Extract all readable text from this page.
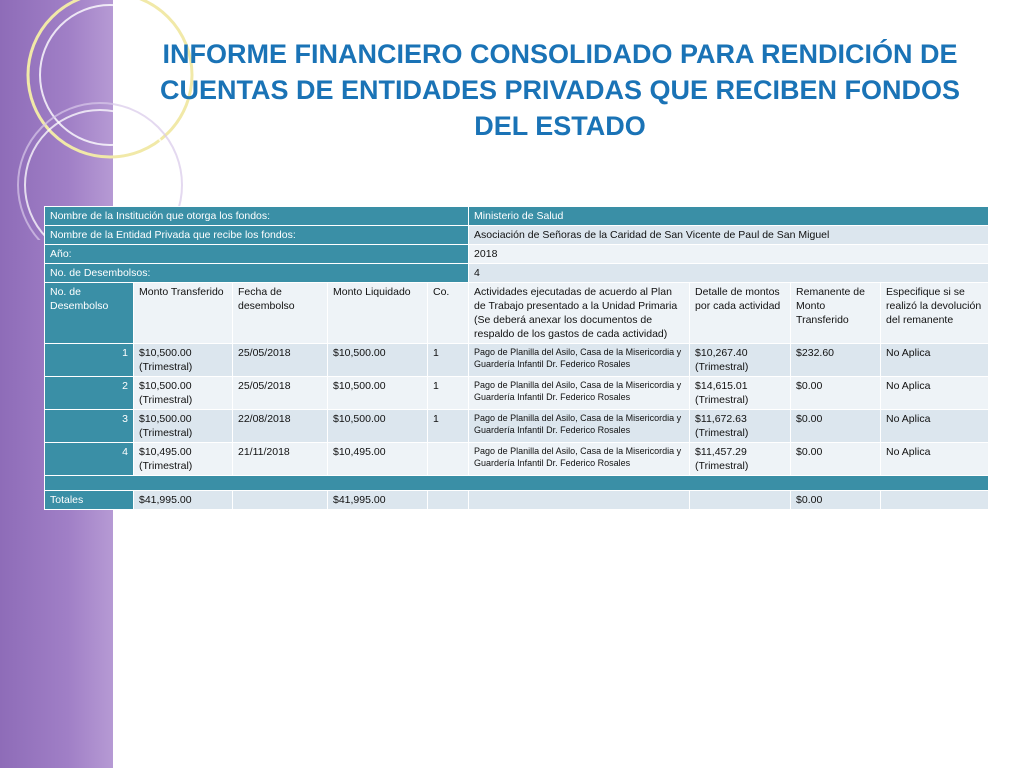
INFORME FINANCIERO CONSOLIDADO PARA RENDICIÓN DE CUENTAS DE ENTIDADES PRIVADAS QUE RECIBEN FONDOS DEL ESTADO
Nombre de la Institución que otorga los fondos:					Ministerio de Salud			
Nombre de la Entidad Privada que recibe los fondos:					Asociación de Señoras de la Caridad de San Vicente de Paul de San Miguel			
Año:					2018			
No. de Desembolsos:					4			
No. de Desembolso	Monto Transferido	Fecha de desembolso	Monto Liquidado	Co.	Actividades ejecutadas de acuerdo al Plan de Trabajo presentado a la Unidad Primaria (Se deberá anexar los documentos de respaldo de los gastos de cada actividad)	Detalle de montos por cada actividad	Remanente de Monto Transferido	Especifique si se realizó la devolución del remanente
1	$10,500.00 (Trimestral)	25/05/2018	$10,500.00	1	Pago de Planilla del Asilo, Casa de la Misericordia y Guardería Infantil Dr. Federico Rosales	$10,267.40 (Trimestral)	$232.60	No Aplica
2	$10,500.00 (Trimestral)	25/05/2018	$10,500.00	1	Pago de Planilla del Asilo, Casa de la Misericordia y Guardería Infantil Dr. Federico Rosales	$14,615.01 (Trimestral)	$0.00	No Aplica
3	$10,500.00 (Trimestral)	22/08/2018	$10,500.00	1	Pago de Planilla del Asilo, Casa de la Misericordia y Guardería Infantil Dr. Federico Rosales	$11,672.63 (Trimestral)	$0.00	No Aplica
4	$10,495.00 (Trimestral)	21/11/2018	$10,495.00		Pago de Planilla del Asilo, Casa de la Misericordia y Guardería Infantil Dr. Federico Rosales	$11,457.29 (Trimestral)	$0.00	No Aplica

Totales	$41,995.00		$41,995.00				$0.00	
